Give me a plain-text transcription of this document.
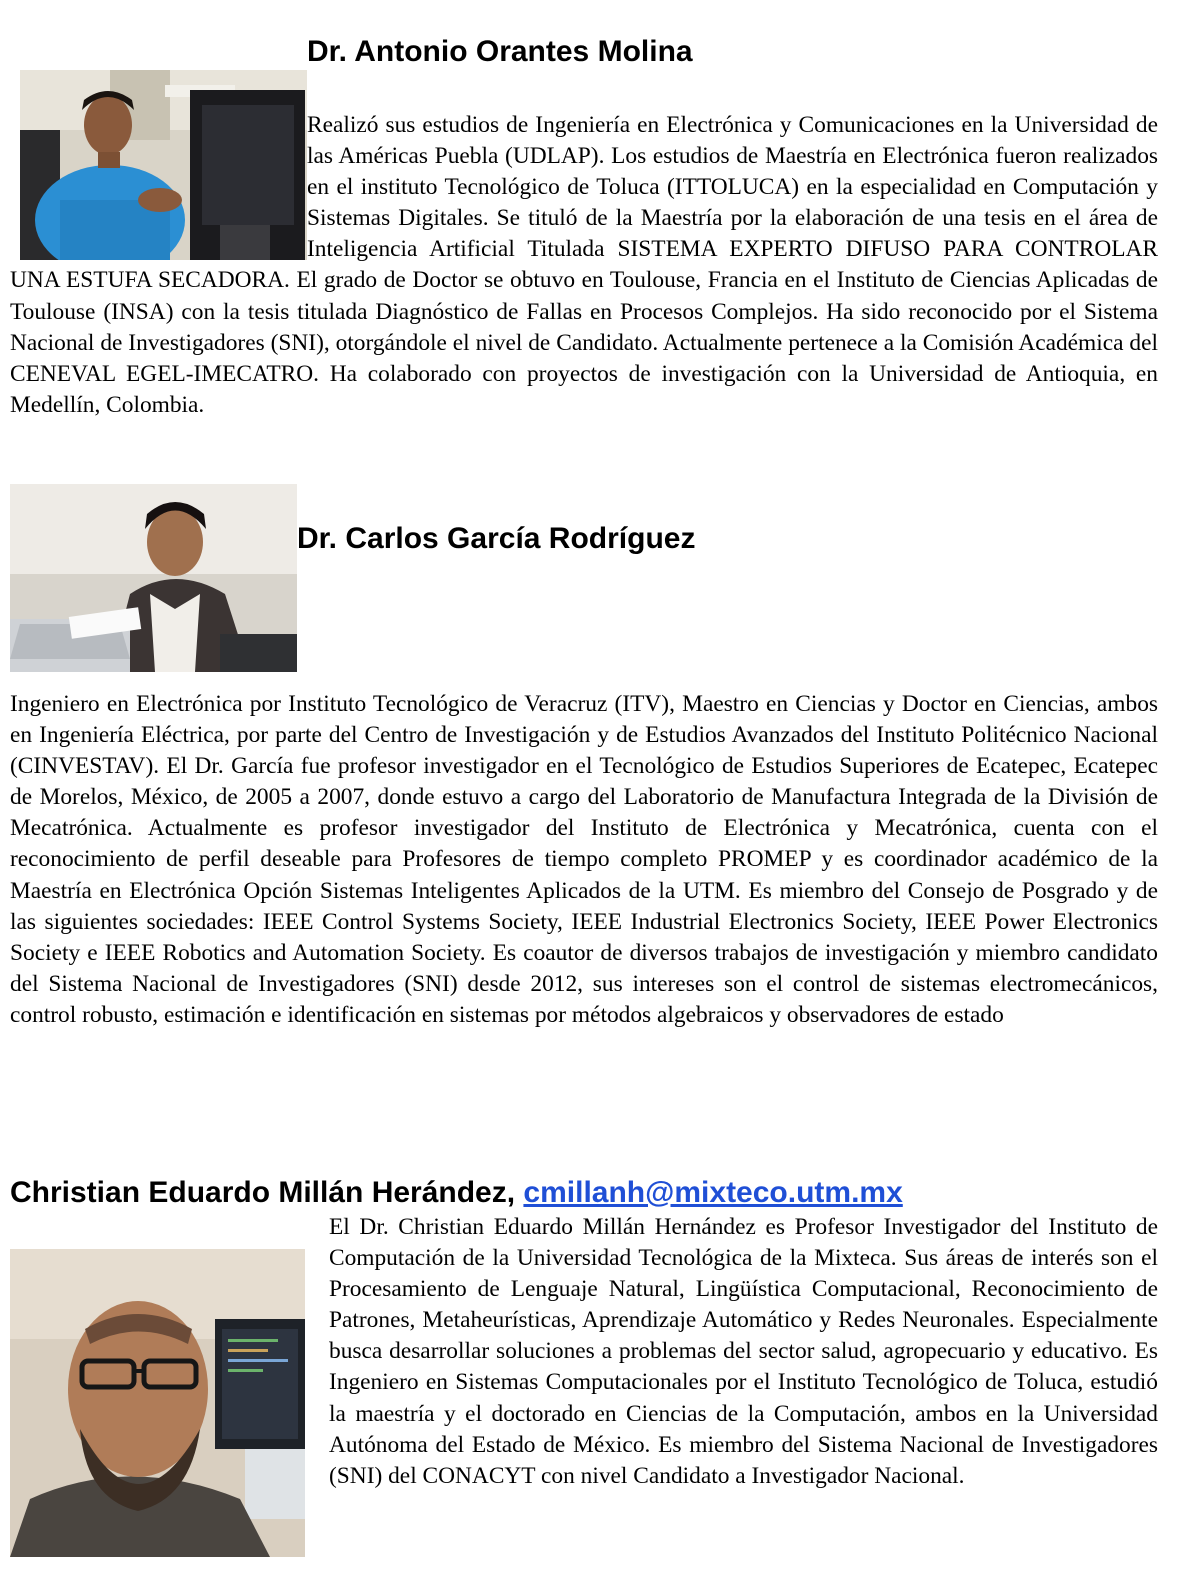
Dr. Antonio Orantes Molina
Realizó sus estudios de Ingeniería en Electrónica y Comunicaciones en la Universidad de las Américas Puebla (UDLAP). Los estudios de Maestría en Electrónica fueron realizados en el instituto Tecnológico de Toluca (ITTOLUCA) en la especialidad en Computación y Sistemas Digitales. Se tituló de la Maestría por la elaboración de una tesis en el área de Inteligencia Artificial Titulada SISTEMA EXPERTO DIFUSO PARA CONTROLAR UNA ESTUFA SECADORA. El grado de Doctor se obtuvo en Toulouse, Francia en el Instituto de Ciencias Aplicadas de Toulouse (INSA) con la tesis titulada Diagnóstico de Fallas en Procesos Complejos. Ha sido reconocido por el Sistema Nacional de Investigadores (SNI), otorgándole el nivel de Candidato. Actualmente pertenece a la Comisión Académica del CENEVAL EGEL-IMECATRO. Ha colaborado con proyectos de investigación con la Universidad de Antioquia, en Medellín, Colombia.
Dr. Carlos García Rodríguez
Ingeniero en Electrónica por Instituto Tecnológico de Veracruz (ITV), Maestro en Ciencias y Doctor en Ciencias, ambos en Ingeniería Eléctrica, por parte del Centro de Investigación y de Estudios Avanzados del Instituto Politécnico Nacional (CINVESTAV). El Dr. García fue profesor investigador en el Tecnológico de Estudios Superiores de Ecatepec, Ecatepec de Morelos, México, de 2005 a 2007, donde estuvo a cargo del Laboratorio de Manufactura Integrada de la División de Mecatrónica. Actualmente es profesor investigador del Instituto de Electrónica y Mecatrónica, cuenta con el reconocimiento de perfil deseable para Profesores de tiempo completo PROMEP y es coordinador académico de la Maestría en Electrónica Opción Sistemas Inteligentes Aplicados de la UTM. Es miembro del Consejo de Posgrado y de las siguientes sociedades: IEEE Control Systems Society, IEEE Industrial Electronics Society, IEEE Power Electronics Society e IEEE Robotics and Automation Society. Es coautor de diversos trabajos de investigación y miembro candidato del Sistema Nacional de Investigadores (SNI) desde 2012, sus intereses son el control de sistemas electromecánicos, control robusto, estimación e identificación en sistemas por métodos algebraicos y observadores de estado
Christian Eduardo Millán Herández, cmillanh@mixteco.utm.mx
El Dr. Christian Eduardo Millán Hernández es Profesor Investigador del Instituto de Computación de la Universidad Tecnológica de la Mixteca. Sus áreas de interés son el Procesamiento de Lenguaje Natural, Lingüística Computacional, Reconocimiento de Patrones, Metaheurísticas, Aprendizaje Automático y Redes Neuronales. Especialmente busca desarrollar soluciones a problemas del sector salud, agropecuario y educativo. Es Ingeniero en Sistemas Computacionales por el Instituto Tecnológico de Toluca, estudió la maestría y el doctorado en Ciencias de la Computación, ambos en la Universidad Autónoma del Estado de México. Es miembro del Sistema Nacional de Investigadores (SNI) del CONACYT con nivel Candidato a Investigador Nacional.
